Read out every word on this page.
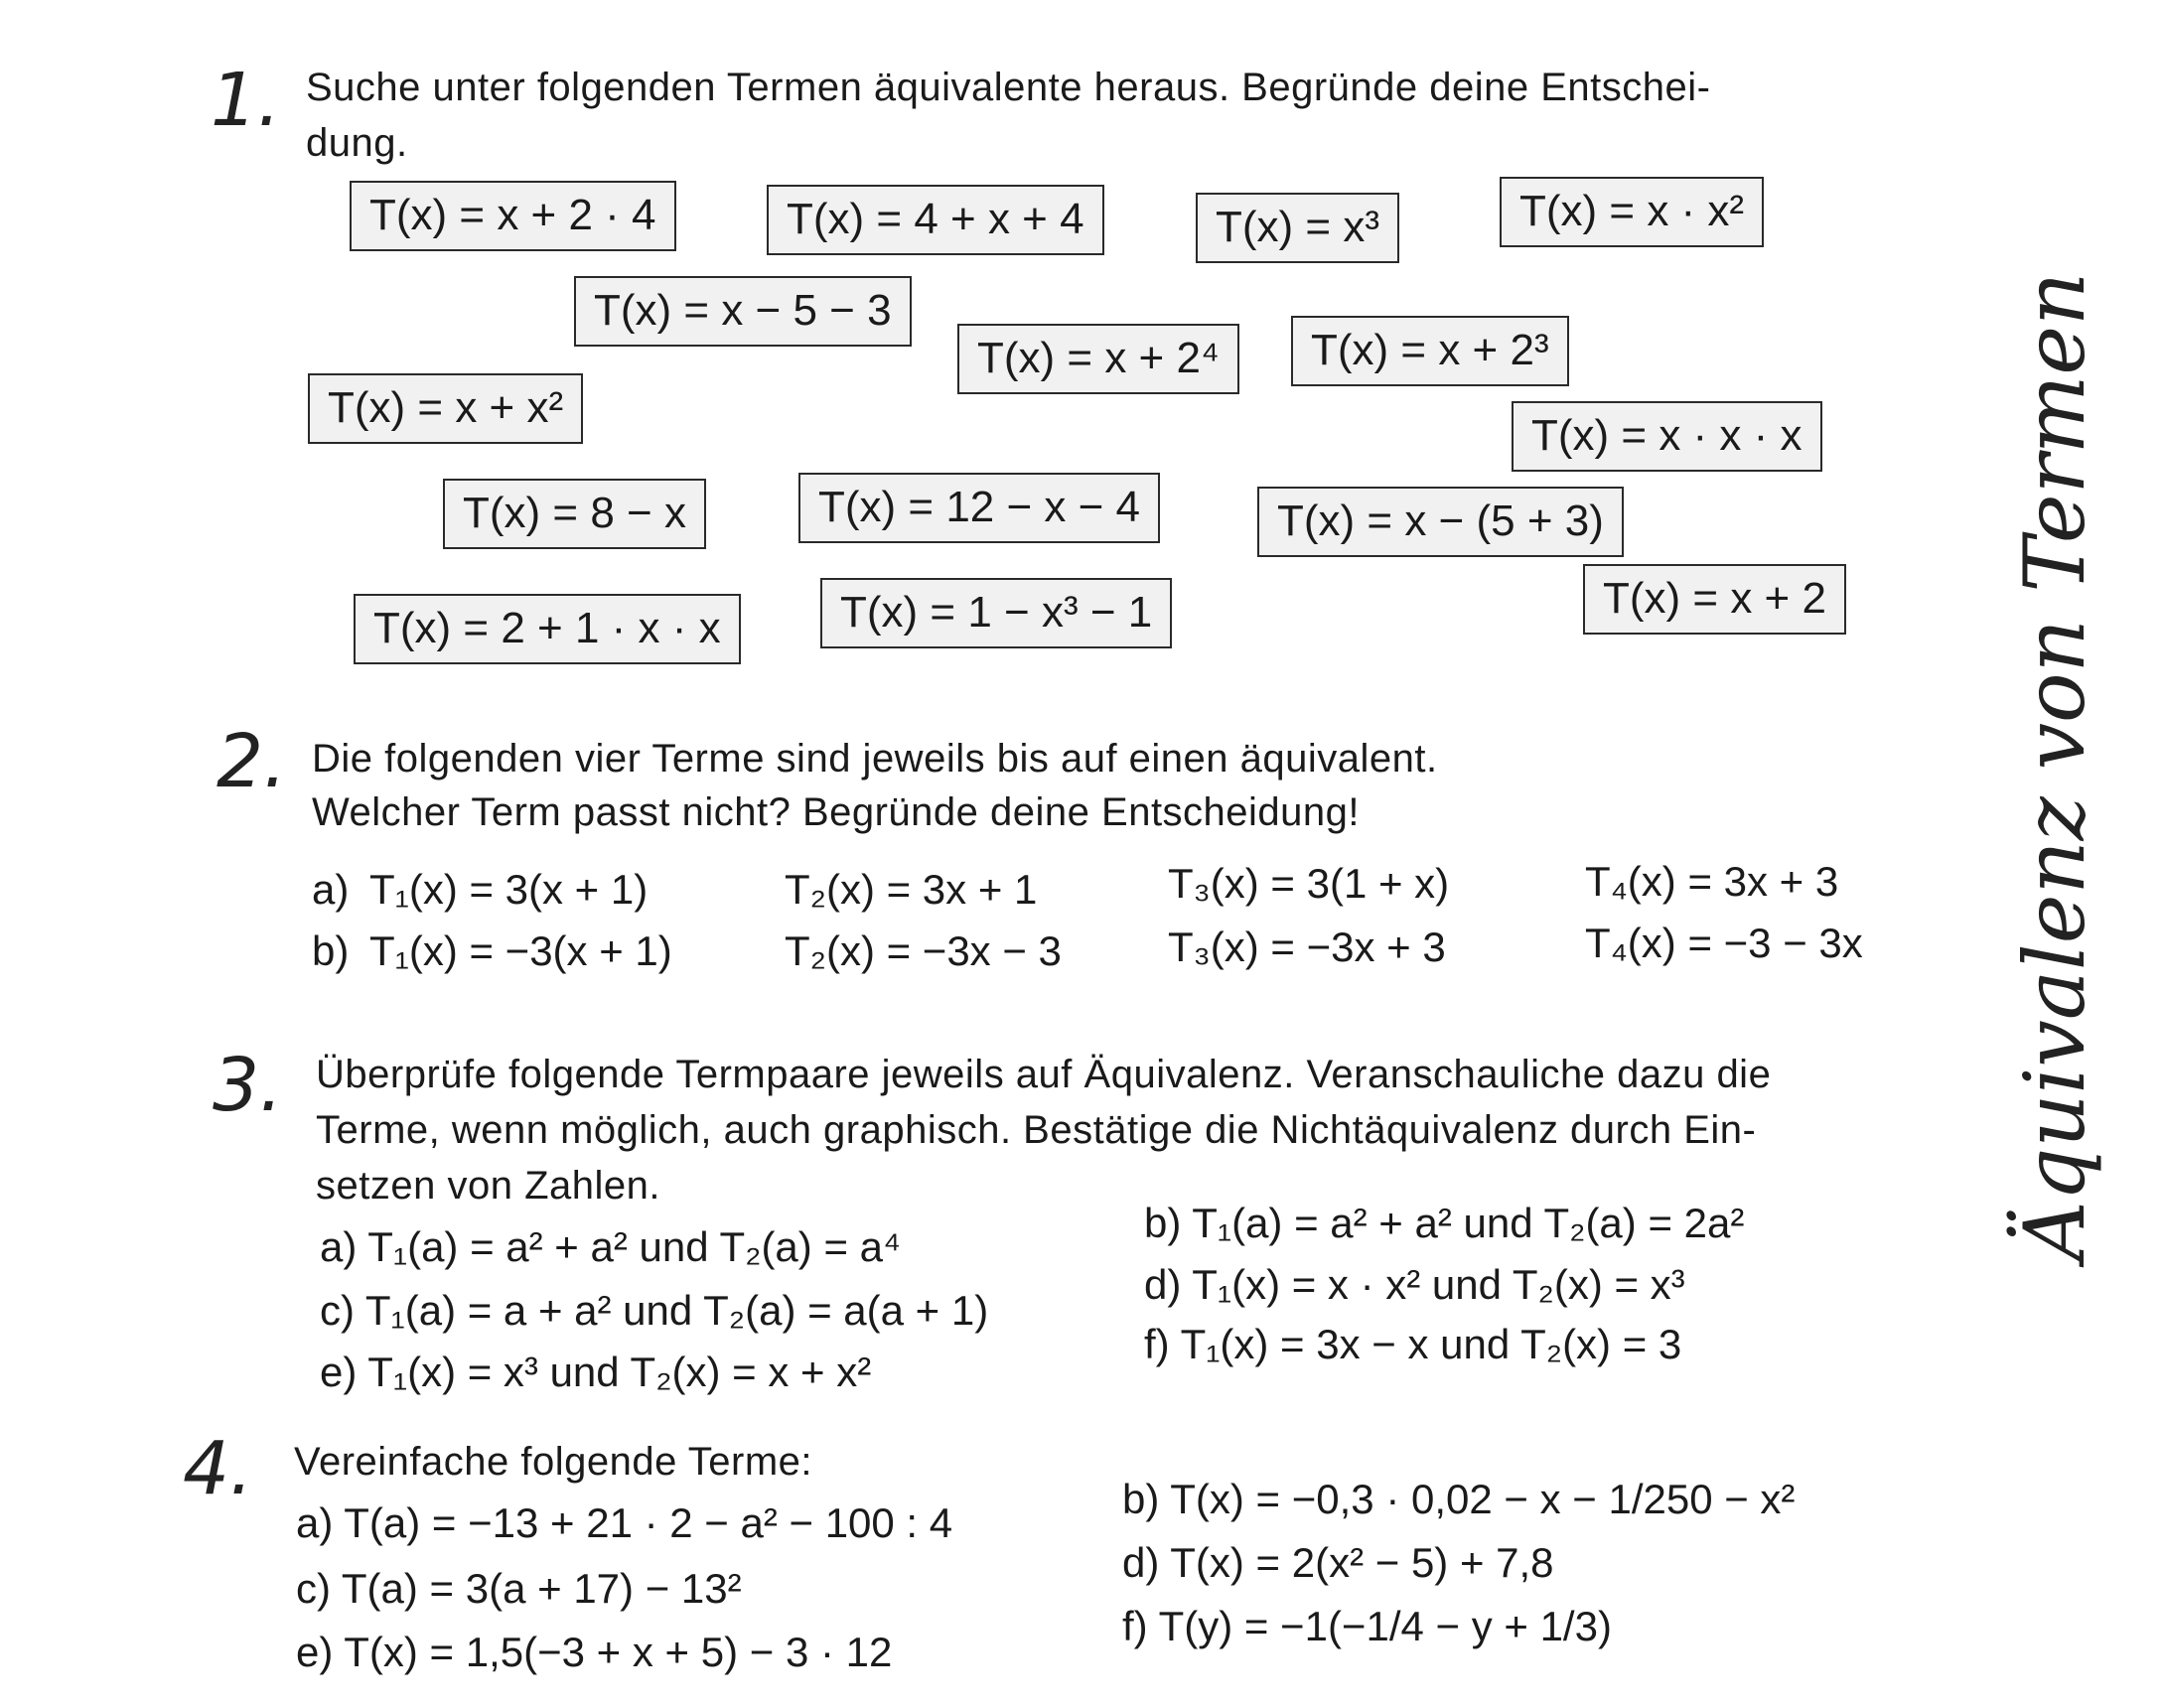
1. Suche unter folgenden Termen äquivalente heraus. Begründe deine Entschei-
dung.
T(x) = x + 2 · 4	T(x) = 4 + x + 4	T(x) = x³	T(x) = x · x²
T(x) = x − 5 − 3
T(x) = x + 2⁴	T(x) = x + 2³
T(x) = x + x²
T(x) = x · x · x
T(x) = 8 − x	T(x) = 12 − x − 4	T(x) = x − (5 + 3)
T(x) = x + 2
T(x) = 2 + 1 · x · x	T(x) = 1 − x³ − 1
2. Die folgenden vier Terme sind jeweils bis auf einen äquivalent.
Welcher Term passt nicht? Begründe deine Entscheidung!
a) T₁(x) = 3(x + 1)	T₂(x) = 3x + 1	T₃(x) = 3(1 + x)	T₄(x) = 3x + 3
b) T₁(x) = −3(x + 1)	T₂(x) = −3x − 3	T₃(x) = −3x + 3	T₄(x) = −3 − 3x
3. Überprüfe folgende Termpaare jeweils auf Äquivalenz. Veranschauliche dazu die
Terme, wenn möglich, auch graphisch. Bestätige die Nichtäquivalenz durch Ein-
setzen von Zahlen.
a) T₁(a) = a² + a² und T₂(a) = a⁴
b) T₁(a) = a² + a² und T₂(a) = 2a²
c) T₁(a) = a + a² und T₂(a) = a(a + 1)
d) T₁(x) = x · x² und T₂(x) = x³
e) T₁(x) = x³ und T₂(x) = x + x²
f) T₁(x) = 3x − x und T₂(x) = 3
4. Vereinfache folgende Terme:
a) T(a) = −13 + 21 · 2 − a² − 100 : 4
b) T(x) = −0,3 · 0,02 − x − 1/250 − x²
c) T(a) = 3(a + 17) − 13²
d) T(x) = 2(x² − 5) + 7,8
e) T(x) = 1,5(−3 + x + 5) − 3 · 12
f) T(y) = −1(−1/4 − y + 1/3)
Äquivalenz von Termen
